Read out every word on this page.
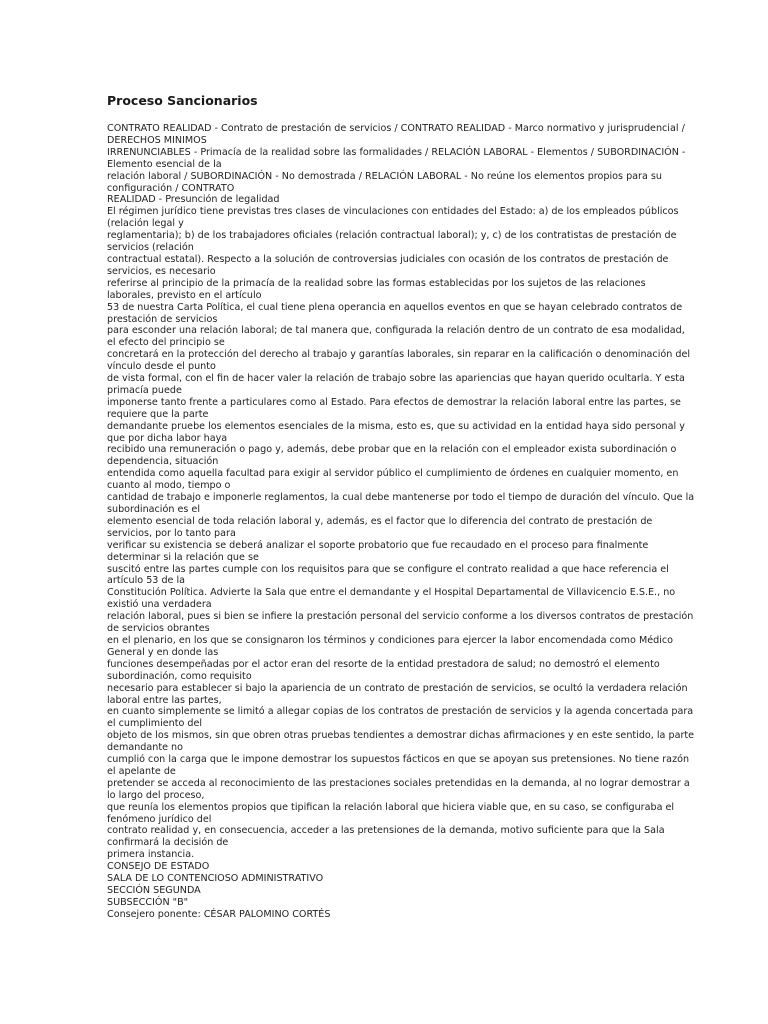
Proceso Sancionarios
CONTRATO REALIDAD - Contrato de prestación de servicios / CONTRATO REALIDAD - Marco normativo y jurisprudencial /
DERECHOS MINIMOS
IRRENUNCIABLES - Primacía de la realidad sobre las formalidades / RELACIÓN LABORAL - Elementos / SUBORDINACIÓN -
Elemento esencial de la
relación laboral / SUBORDINACIÓN - No demostrada / RELACIÓN LABORAL - No reúne los elementos propios para su
configuración / CONTRATO
REALIDAD - Presunción de legalidad
El régimen jurídico tiene previstas tres clases de vinculaciones con entidades del Estado: a) de los empleados públicos
(relación legal y
reglamentaria); b) de los trabajadores oficiales (relación contractual laboral); y, c) de los contratistas de prestación de
servicios (relación
contractual estatal). Respecto a la solución de controversias judiciales con ocasión de los contratos de prestación de
servicios, es necesario
referirse al principio de la primacía de la realidad sobre las formas establecidas por los sujetos de las relaciones
laborales, previsto en el artículo
53 de nuestra Carta Política, el cual tiene plena operancia en aquellos eventos en que se hayan celebrado contratos de
prestación de servicios
para esconder una relación laboral; de tal manera que, configurada la relación dentro de un contrato de esa modalidad,
el efecto del principio se
concretará en la protección del derecho al trabajo y garantías laborales, sin reparar en la calificación o denominación del
vínculo desde el punto
de vista formal, con el fin de hacer valer la relación de trabajo sobre las apariencias que hayan querido ocultarla. Y esta
primacía puede
imponerse tanto frente a particulares como al Estado. Para efectos de demostrar la relación laboral entre las partes, se
requiere que la parte
demandante pruebe los elementos esenciales de la misma, esto es, que su actividad en la entidad haya sido personal y
que por dicha labor haya
recibido una remuneración o pago y, además, debe probar que en la relación con el empleador exista subordinación o
dependencia, situación
entendida como aquella facultad para exigir al servidor público el cumplimiento de órdenes en cualquier momento, en
cuanto al modo, tiempo o
cantidad de trabajo e imponerle reglamentos, la cual debe mantenerse por todo el tiempo de duración del vínculo. Que la
subordinación es el
elemento esencial de toda relación laboral y, además, es el factor que lo diferencia del contrato de prestación de
servicios, por lo tanto para
verificar su existencia se deberá analizar el soporte probatorio que fue recaudado en el proceso para finalmente
determinar si la relación que se
suscitó entre las partes cumple con los requisitos para que se configure el contrato realidad a que hace referencia el
artículo 53 de la
Constitución Política. Advierte la Sala que entre el demandante y el Hospital Departamental de Villavicencio E.S.E., no
existió una verdadera
relación laboral, pues si bien se infiere la prestación personal del servicio conforme a los diversos contratos de prestación
de servicios obrantes
en el plenario, en los que se consignaron los términos y condiciones para ejercer la labor encomendada como Médico
General y en donde las
funciones desempeñadas por el actor eran del resorte de la entidad prestadora de salud; no demostró el elemento
subordinación, como requisito
necesario para establecer si bajo la apariencia de un contrato de prestación de servicios, se ocultó la verdadera relación
laboral entre las partes,
en cuanto simplemente se limitó a allegar copias de los contratos de prestación de servicios y la agenda concertada para
el cumplimiento del
objeto de los mismos, sin que obren otras pruebas tendientes a demostrar dichas afirmaciones y en este sentido, la parte
demandante no
cumplió con la carga que le impone demostrar los supuestos fácticos en que se apoyan sus pretensiones. No tiene razón
el apelante de
pretender se acceda al reconocimiento de las prestaciones sociales pretendidas en la demanda, al no lograr demostrar a
lo largo del proceso,
que reunía los elementos propios que tipifican la relación laboral que hiciera viable que, en su caso, se configuraba el
fenómeno jurídico del
contrato realidad y, en consecuencia, acceder a las pretensiones de la demanda, motivo suficiente para que la Sala
confirmará la decisión de
primera instancia.
CONSEJO DE ESTADO
SALA DE LO CONTENCIOSO ADMINISTRATIVO
SECCIÓN SEGUNDA
SUBSECCIÓN "B"
Consejero ponente: CÉSAR PALOMINO CORTÉS
